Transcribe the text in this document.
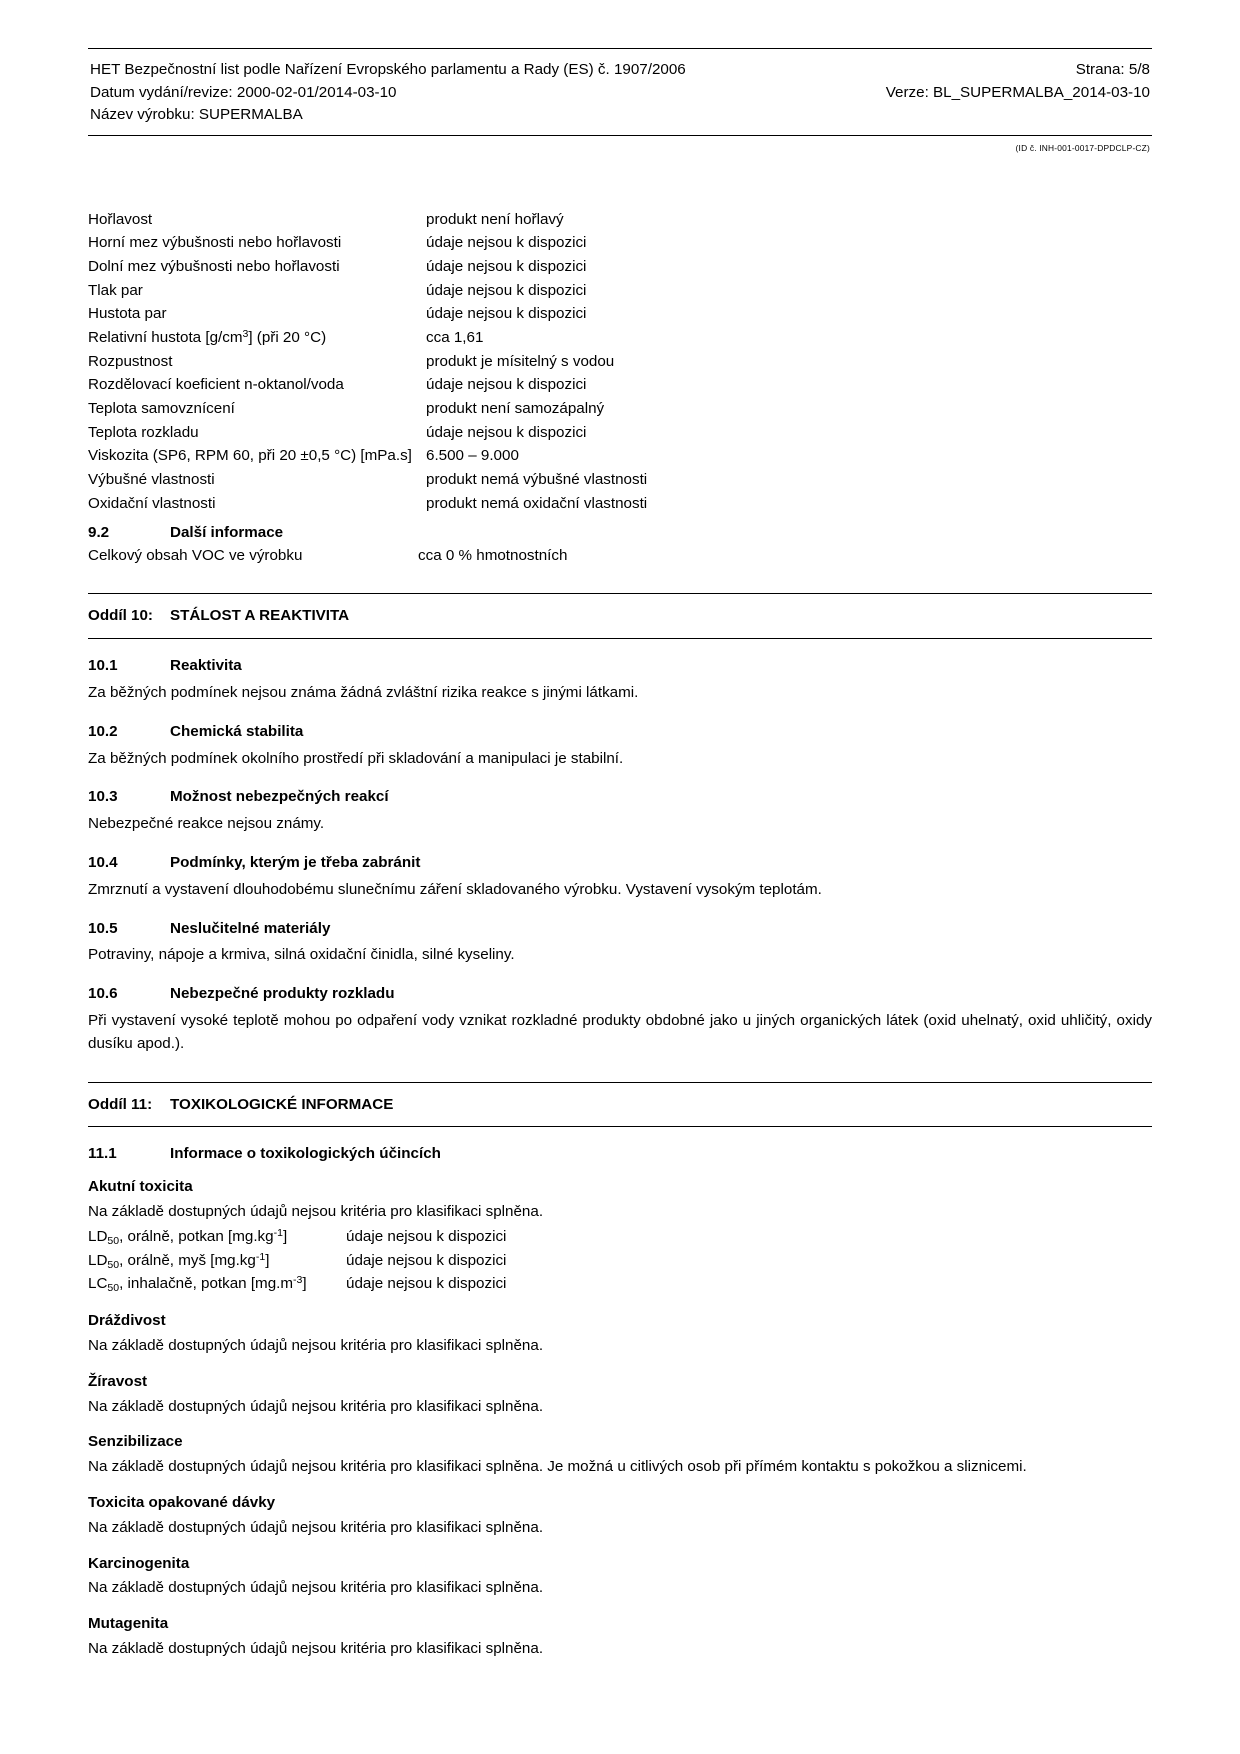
HET Bezpečnostní list podle Nařízení Evropského parlamentu a Rady (ES) č. 1907/2006	Strana: 5/8
Datum vydání/revize: 2000-02-01/2014-03-10	Verze: BL_SUPERMALBA_2014-03-10
Název výrobku: SUPERMALBA
(ID č. INH-001-0017-DPDCLP-CZ)
Hořlavost	produkt není hořlavý
Horní mez výbušnosti nebo hořlavosti	údaje nejsou k dispozici
Dolní mez výbušnosti nebo hořlavosti	údaje nejsou k dispozici
Tlak par	údaje nejsou k dispozici
Hustota par	údaje nejsou k dispozici
Relativní hustota $[g/cm^3]$ (při 20 °C)	cca 1,61
Rozpustnost	produkt je mísitelný s vodou
Rozdělovací koeficient n-oktanol/voda	údaje nejsou k dispozici
Teplota samovznícení	produkt není samozápalný
Teplota rozkladu	údaje nejsou k dispozici
Viskozita (SP6, RPM 60, při 20 ±0,5 °C) [mPa.s]	6.500 – 9.000
Výbušné vlastnosti	produkt nemá výbušné vlastnosti
Oxidační vlastnosti	produkt nemá oxidační vlastnosti
9.2	Další informace
Celkový obsah VOC ve výrobku	cca 0 % hmotnostních
Oddíl 10:	STÁLOST A REAKTIVITA
10.1	Reaktivita
Za běžných podmínek nejsou známa žádná zvláštní rizika reakce s jinými látkami.
10.2	Chemická stabilita
Za běžných podmínek okolního prostředí při skladování a manipulaci je stabilní.
10.3	Možnost nebezpečných reakcí
Nebezpečné reakce nejsou známy.
10.4	Podmínky, kterým je třeba zabránit
Zmrznutí a vystavení dlouhodobému slunečnímu záření skladovaného výrobku. Vystavení vysokým teplotám.
10.5	Neslučitelné materiály
Potraviny, nápoje a krmiva, silná oxidační činidla, silné kyseliny.
10.6	Nebezpečné produkty rozkladu
Při vystavení vysoké teplotě mohou po odpaření vody vznikat rozkladné produkty obdobné jako u jiných organických látek (oxid uhelnatý, oxid uhličitý, oxidy dusíku apod.).
Oddíl 11:	TOXIKOLOGICKÉ INFORMACE
11.1	Informace o toxikologických účincích
Akutní toxicita
Na základě dostupných údajů nejsou kritéria pro klasifikaci splněna.
$LD_{50}$, orálně, potkan $[mg.kg^{-1}]$	údaje nejsou k dispozici
$LD_{50}$, orálně, myš $[mg.kg^{-1}]$	údaje nejsou k dispozici
$LC_{50}$, inhalačně, potkan $[mg.m^{-3}]$	údaje nejsou k dispozici
Dráždivost
Na základě dostupných údajů nejsou kritéria pro klasifikaci splněna.
Žíravost
Na základě dostupných údajů nejsou kritéria pro klasifikaci splněna.
Senzibilizace
Na základě dostupných údajů nejsou kritéria pro klasifikaci splněna. Je možná u citlivých osob při přímém kontaktu s pokožkou a sliznicemi.
Toxicita opakované dávky
Na základě dostupných údajů nejsou kritéria pro klasifikaci splněna.
Karcinogenita
Na základě dostupných údajů nejsou kritéria pro klasifikaci splněna.
Mutagenita
Na základě dostupných údajů nejsou kritéria pro klasifikaci splněna.
